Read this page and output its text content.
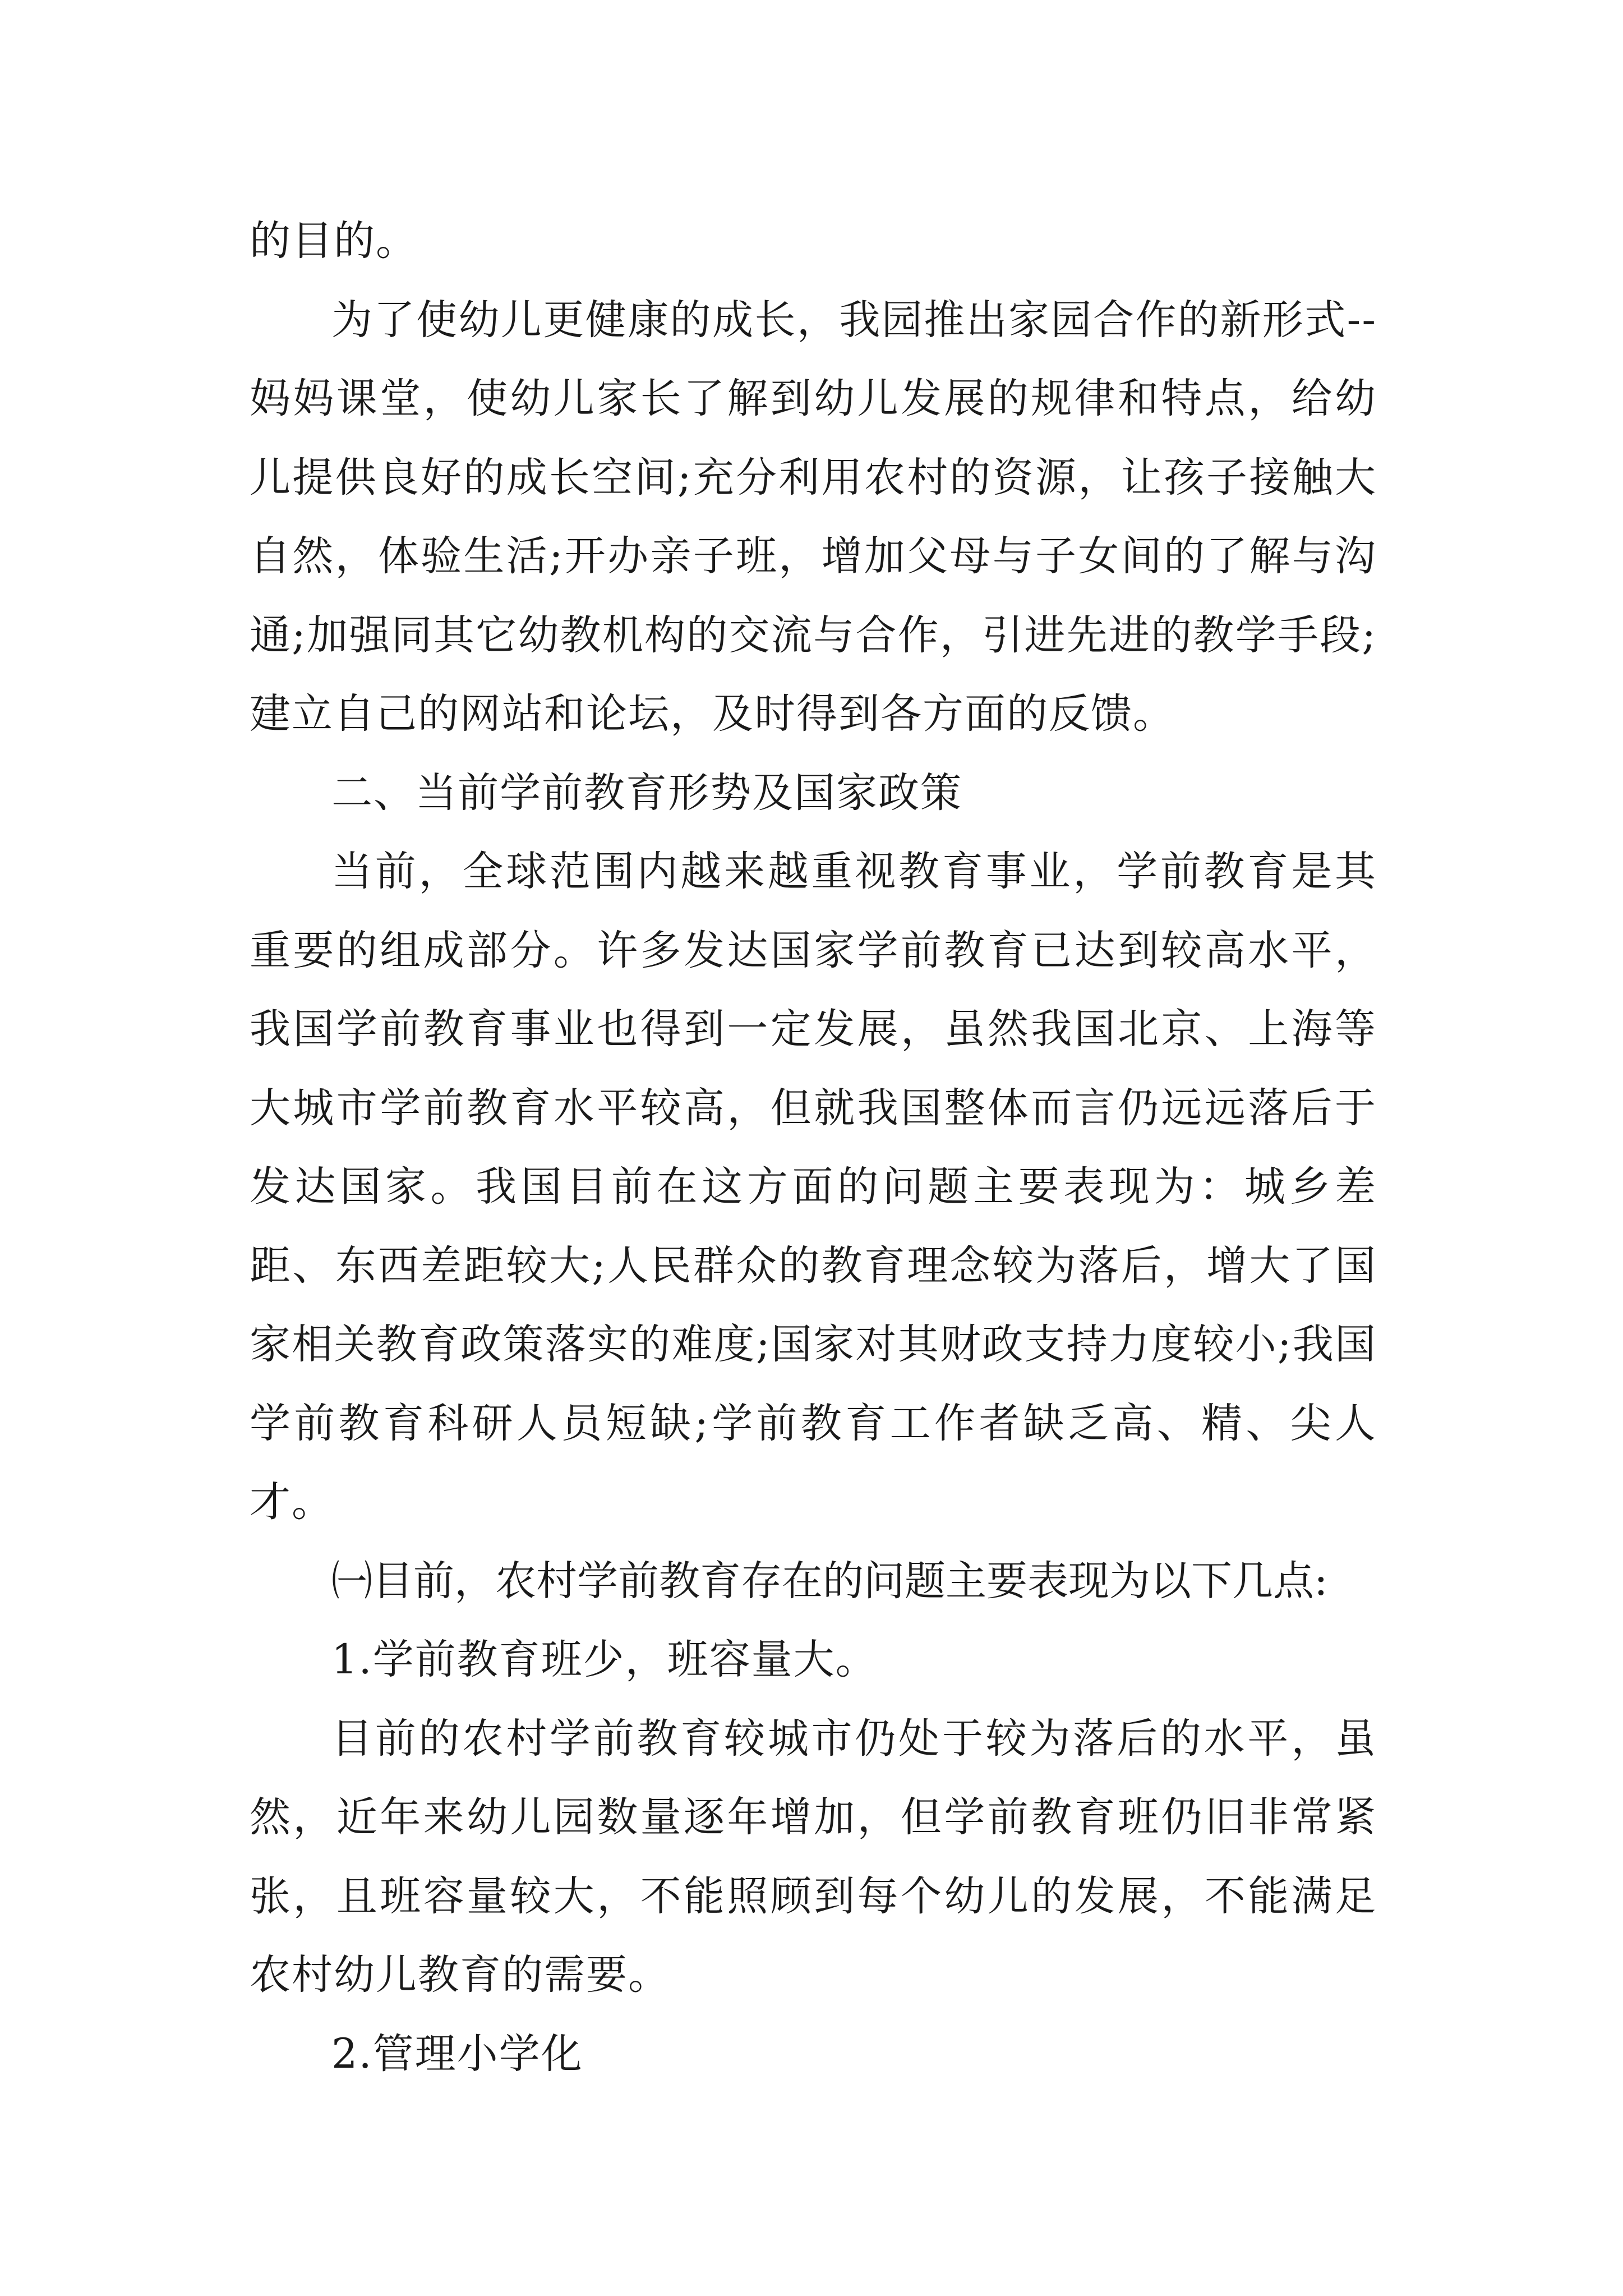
的目的。

为了使幼儿更健康的成长，我园推出家园合作的新形式--妈妈课堂，使幼儿家长了解到幼儿发展的规律和特点，给幼儿提供良好的成长空间;充分利用农村的资源，让孩子接触大自然，体验生活;开办亲子班，增加父母与子女间的了解与沟通;加强同其它幼教机构的交流与合作，引进先进的教学手段;建立自己的网站和论坛，及时得到各方面的反馈。

二、当前学前教育形势及国家政策

当前，全球范围内越来越重视教育事业，学前教育是其重要的组成部分。许多发达国家学前教育已达到较高水平，我国学前教育事业也得到一定发展，虽然我国北京、上海等大城市学前教育水平较高，但就我国整体而言仍远远落后于发达国家。我国目前在这方面的问题主要表现为：城乡差距、东西差距较大;人民群众的教育理念较为落后，增大了国家相关教育政策落实的难度;国家对其财政支持力度较小;我国学前教育科研人员短缺;学前教育工作者缺乏高、精、尖人才。

㈠目前，农村学前教育存在的问题主要表现为以下几点:

1.学前教育班少，班容量大。

目前的农村学前教育较城市仍处于较为落后的水平，虽然，近年来幼儿园数量逐年增加，但学前教育班仍旧非常紧张，且班容量较大，不能照顾到每个幼儿的发展，不能满足农村幼儿教育的需要。

2.管理小学化
